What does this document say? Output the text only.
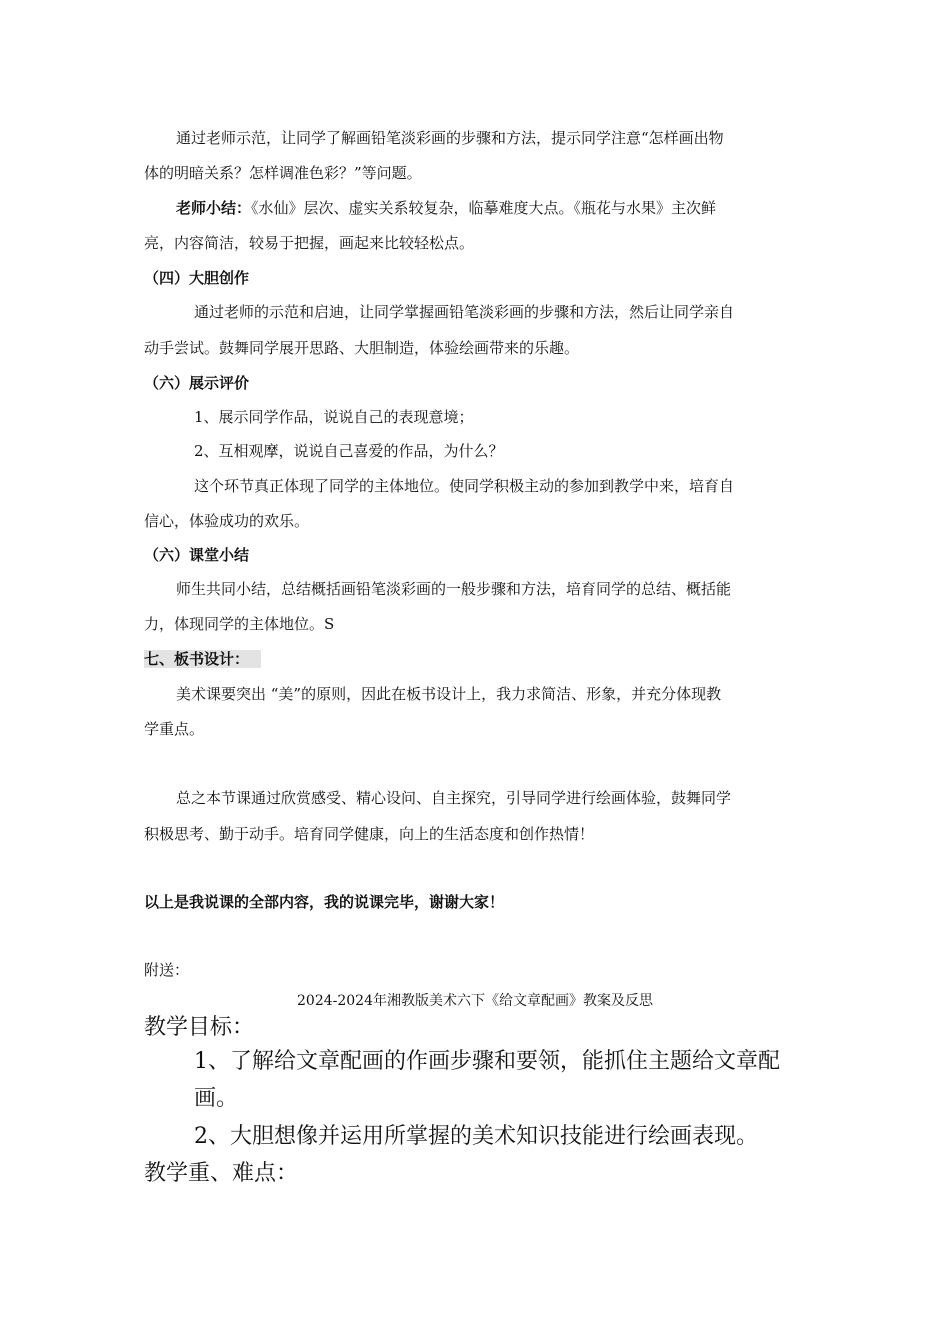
通过老师示范，让同学了解画铅笔淡彩画的步骤和方法，提示同学注意“怎样画出物
体的明暗关系？怎样调准色彩？”等问题。
老师小结：《水仙》层次、虚实关系较复杂，临摹难度大点。《瓶花与水果》主次鲜
亮，内容简洁，较易于把握，画起来比较轻松点。
（四）大胆创作
通过老师的示范和启迪，让同学掌握画铅笔淡彩画的步骤和方法，然后让同学亲自
动手尝试。鼓舞同学展开思路、大胆制造，体验绘画带来的乐趣。
（六）展示评价
1、展示同学作品，说说自己的表现意境；
2、互相观摩，说说自己喜爱的作品，为什么？
这个环节真正体现了同学的主体地位。使同学积极主动的参加到教学中来，培育自
信心，体验成功的欢乐。
（六）课堂小结
师生共同小结，总结概括画铅笔淡彩画的一般步骤和方法，培育同学的总结、概括能
力，体现同学的主体地位。S
七、板书设计：
美术课要突出 “美”的原则，因此在板书设计上，我力求简洁、形象，并充分体现教
学重点。
总之本节课通过欣赏感受、精心设问、自主探究，引导同学进行绘画体验，鼓舞同学
积极思考、勤于动手。培育同学健康，向上的生活态度和创作热情！
以上是我说课的全部内容，我的说课完毕，谢谢大家！
附送：
2024-2024年湘教版美术六下《给文章配画》教案及反思
教学目标：
1、了解给文章配画的作画步骤和要领，能抓住主题给文章配
画。
2、大胆想像并运用所掌握的美术知识技能进行绘画表现。
教学重、难点：
